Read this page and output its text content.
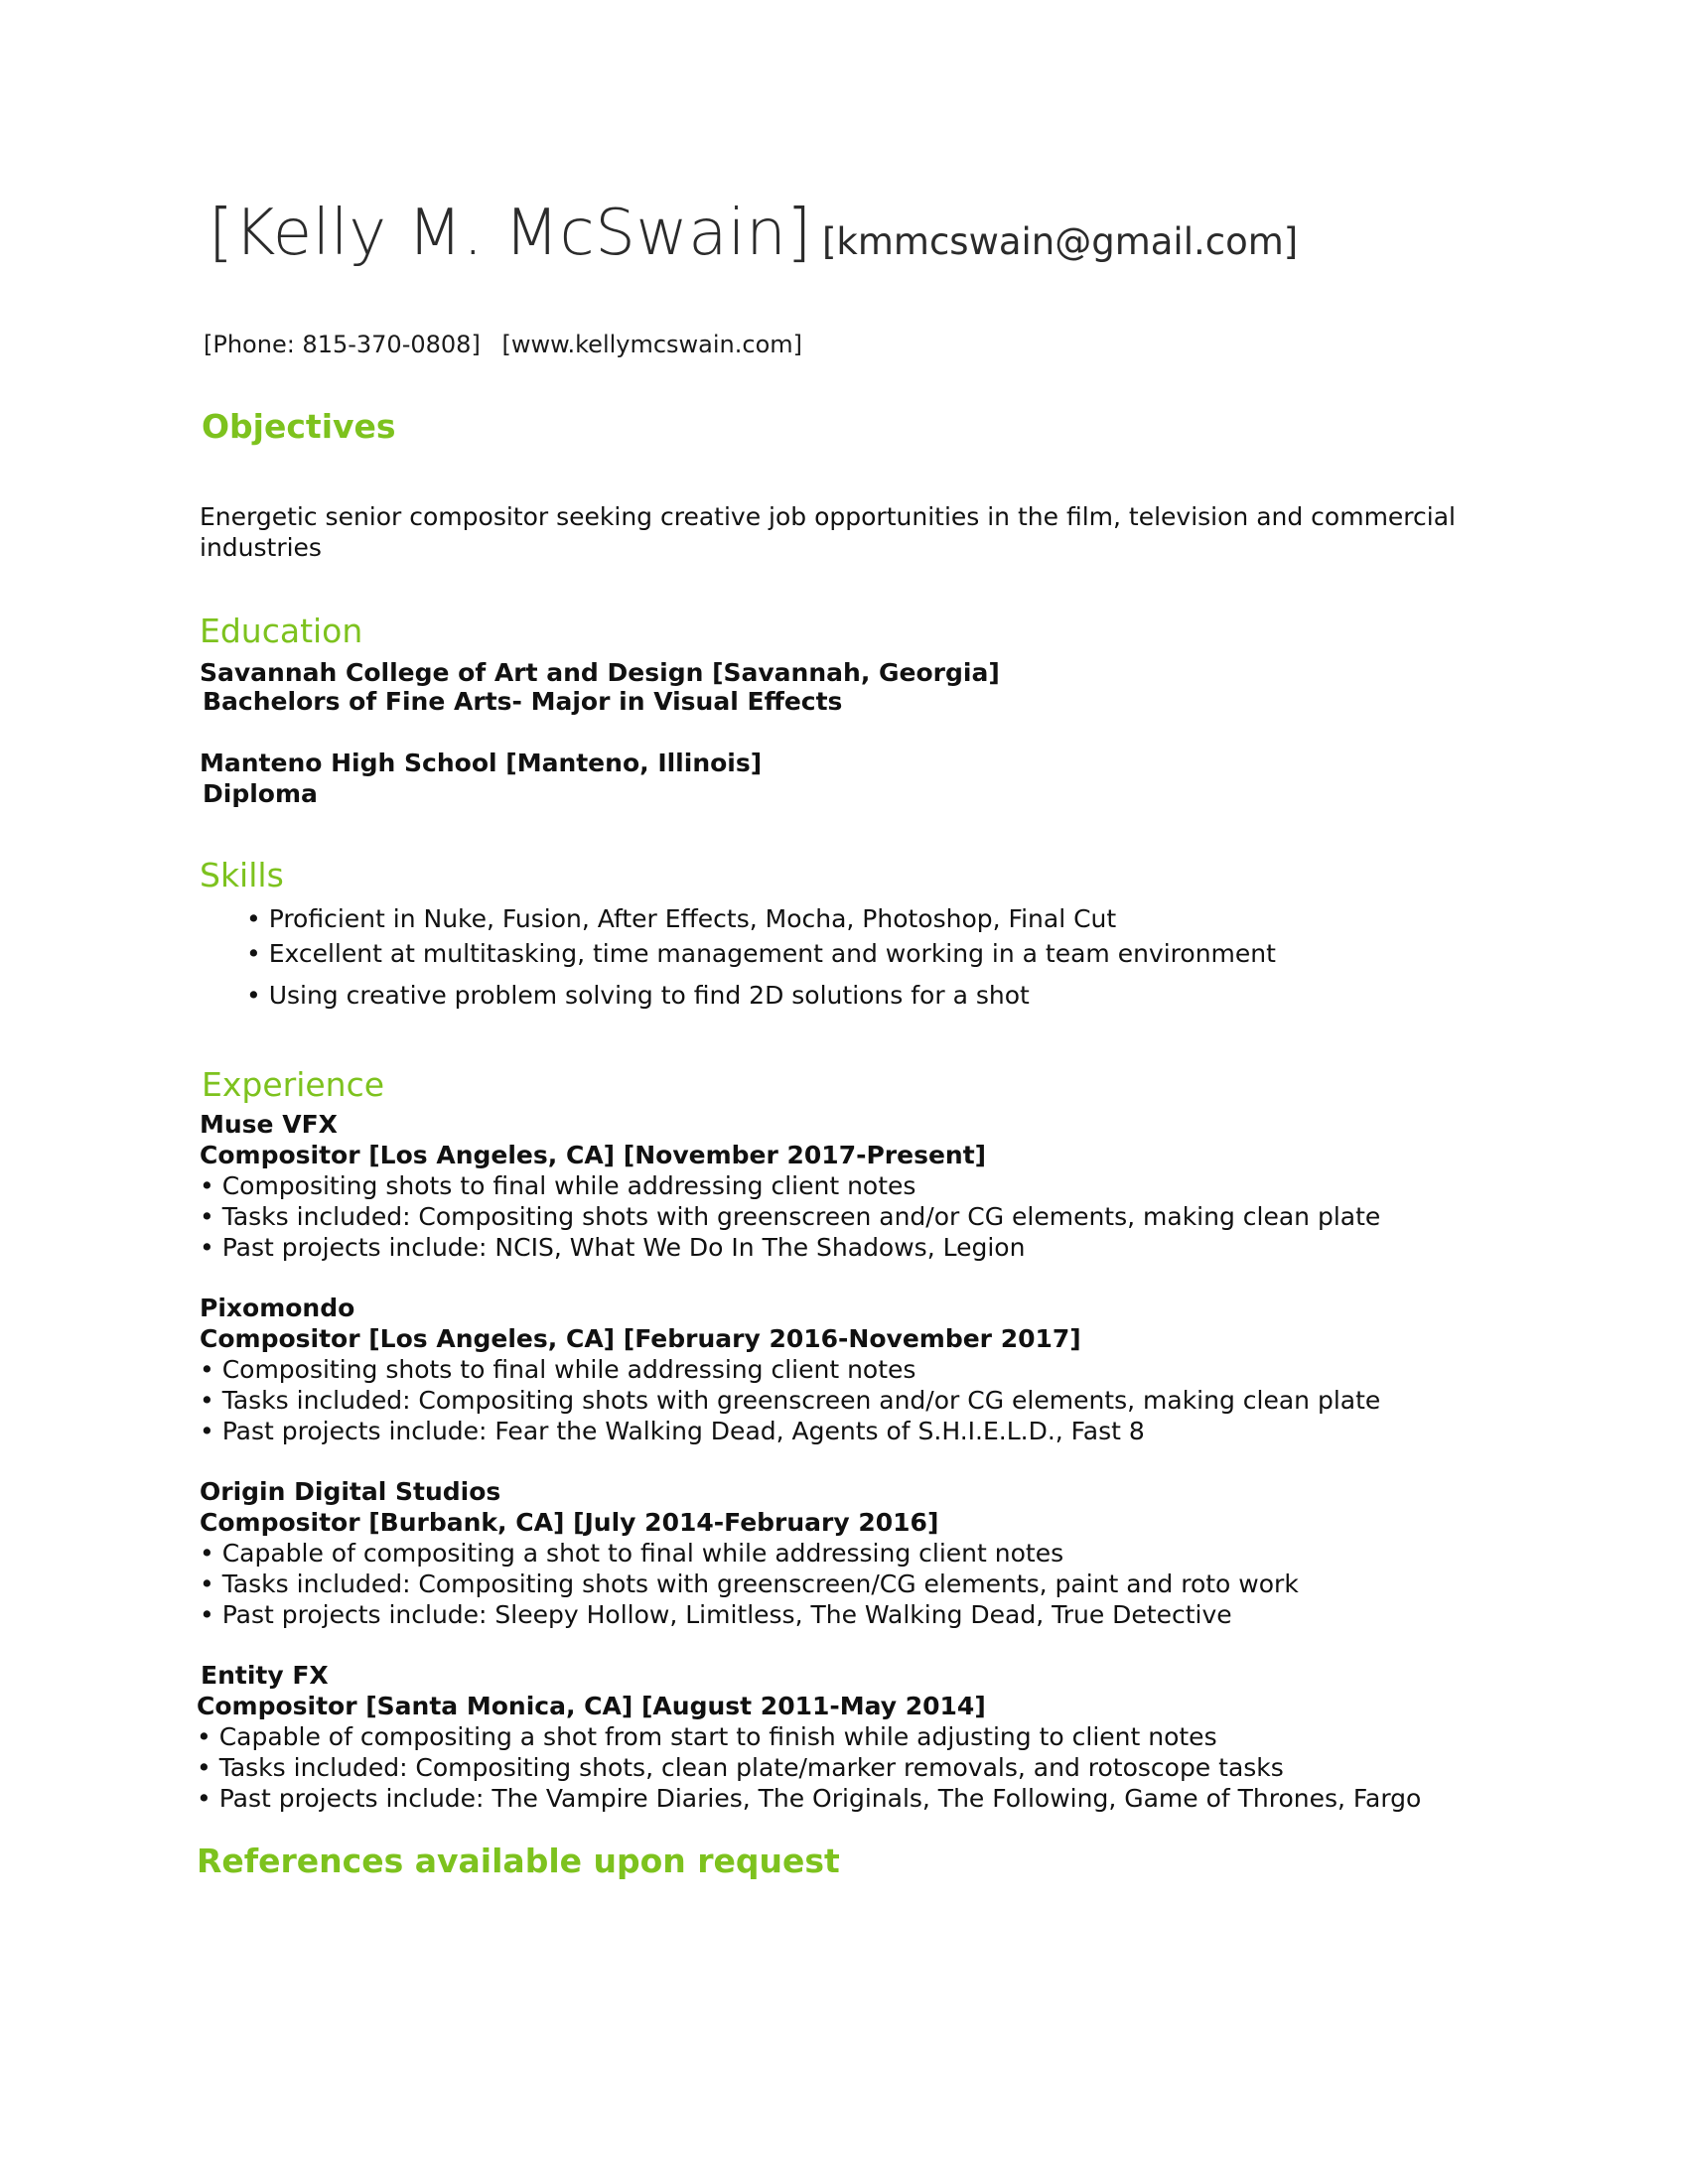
[Kelly M. McSwain] [kmmcswain@gmail.com]
[Phone: 815-370-0808] [www.kellymcswain.com]
Objectives
Energetic senior compositor seeking creative job opportunities in the film, television and commercial
industries
Education
Savannah College of Art and Design [Savannah, Georgia]
Bachelors of Fine Arts- Major in Visual Effects
Manteno High School [Manteno, Illinois]
Diploma
Skills
• Proficient in Nuke, Fusion, After Effects, Mocha, Photoshop, Final Cut
• Excellent at multitasking, time management and working in a team environment
• Using creative problem solving to find 2D solutions for a shot
Experience
Muse VFX
Compositor [Los Angeles, CA] [November 2017-Present]
• Compositing shots to final while addressing client notes
• Tasks included: Compositing shots with greenscreen and/or CG elements, making clean plate
• Past projects include: NCIS, What We Do In The Shadows, Legion
Pixomondo
Compositor [Los Angeles, CA] [February 2016-November 2017]
• Compositing shots to final while addressing client notes
• Tasks included: Compositing shots with greenscreen and/or CG elements, making clean plate
• Past projects include: Fear the Walking Dead, Agents of S.H.I.E.L.D., Fast 8
Origin Digital Studios
Compositor [Burbank, CA] [July 2014-February 2016]
• Capable of compositing a shot to final while addressing client notes
• Tasks included: Compositing shots with greenscreen/CG elements, paint and roto work
• Past projects include: Sleepy Hollow, Limitless, The Walking Dead, True Detective
Entity FX
Compositor [Santa Monica, CA] [August 2011-May 2014]
• Capable of compositing a shot from start to finish while adjusting to client notes
• Tasks included: Compositing shots, clean plate/marker removals, and rotoscope tasks
• Past projects include: The Vampire Diaries, The Originals, The Following, Game of Thrones, Fargo
References available upon request
